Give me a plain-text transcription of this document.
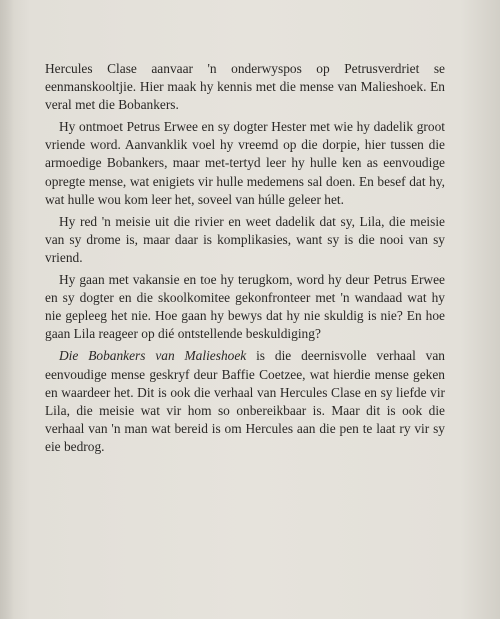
Hercules Clase aanvaar 'n onderwyspos op Petrusverdriet se eenmanskooltjie. Hier maak hy kennis met die mense van Malieshoek. En veral met die Bobankers.

Hy ontmoet Petrus Erwee en sy dogter Hester met wie hy dadelik groot vriende word. Aanvanklik voel hy vreemd op die dorpie, hier tussen die armoedige Bobankers, maar met-tertyd leer hy hulle ken as eenvoudige opregte mense, wat enigiets vir hulle medemens sal doen. En besef dat hy, wat hulle wou kom leer het, soveel van húlle geleer het.

Hy red 'n meisie uit die rivier en weet dadelik dat sy, Lila, die meisie van sy drome is, maar daar is komplikasies, want sy is die nooi van sy vriend.

Hy gaan met vakansie en toe hy terugkom, word hy deur Petrus Erwee en sy dogter en die skoolkomitee gekonfronteer met 'n wandaad wat hy nie gepleeg het nie. Hoe gaan hy bewys dat hy nie skuldig is nie? En hoe gaan Lila reageer op dié ontstellende beskuldiging?

Die Bobankers van Malieshoek is die deernisvolle verhaal van eenvoudige mense geskryf deur Baffie Coetzee, wat hierdie mense geken en waardeer het. Dit is ook die verhaal van Hercules Clase en sy liefde vir Lila, die meisie wat vir hom so onbereikbaar is. Maar dit is ook die verhaal van 'n man wat bereid is om Hercules aan die pen te laat ry vir sy eie bedrog.
